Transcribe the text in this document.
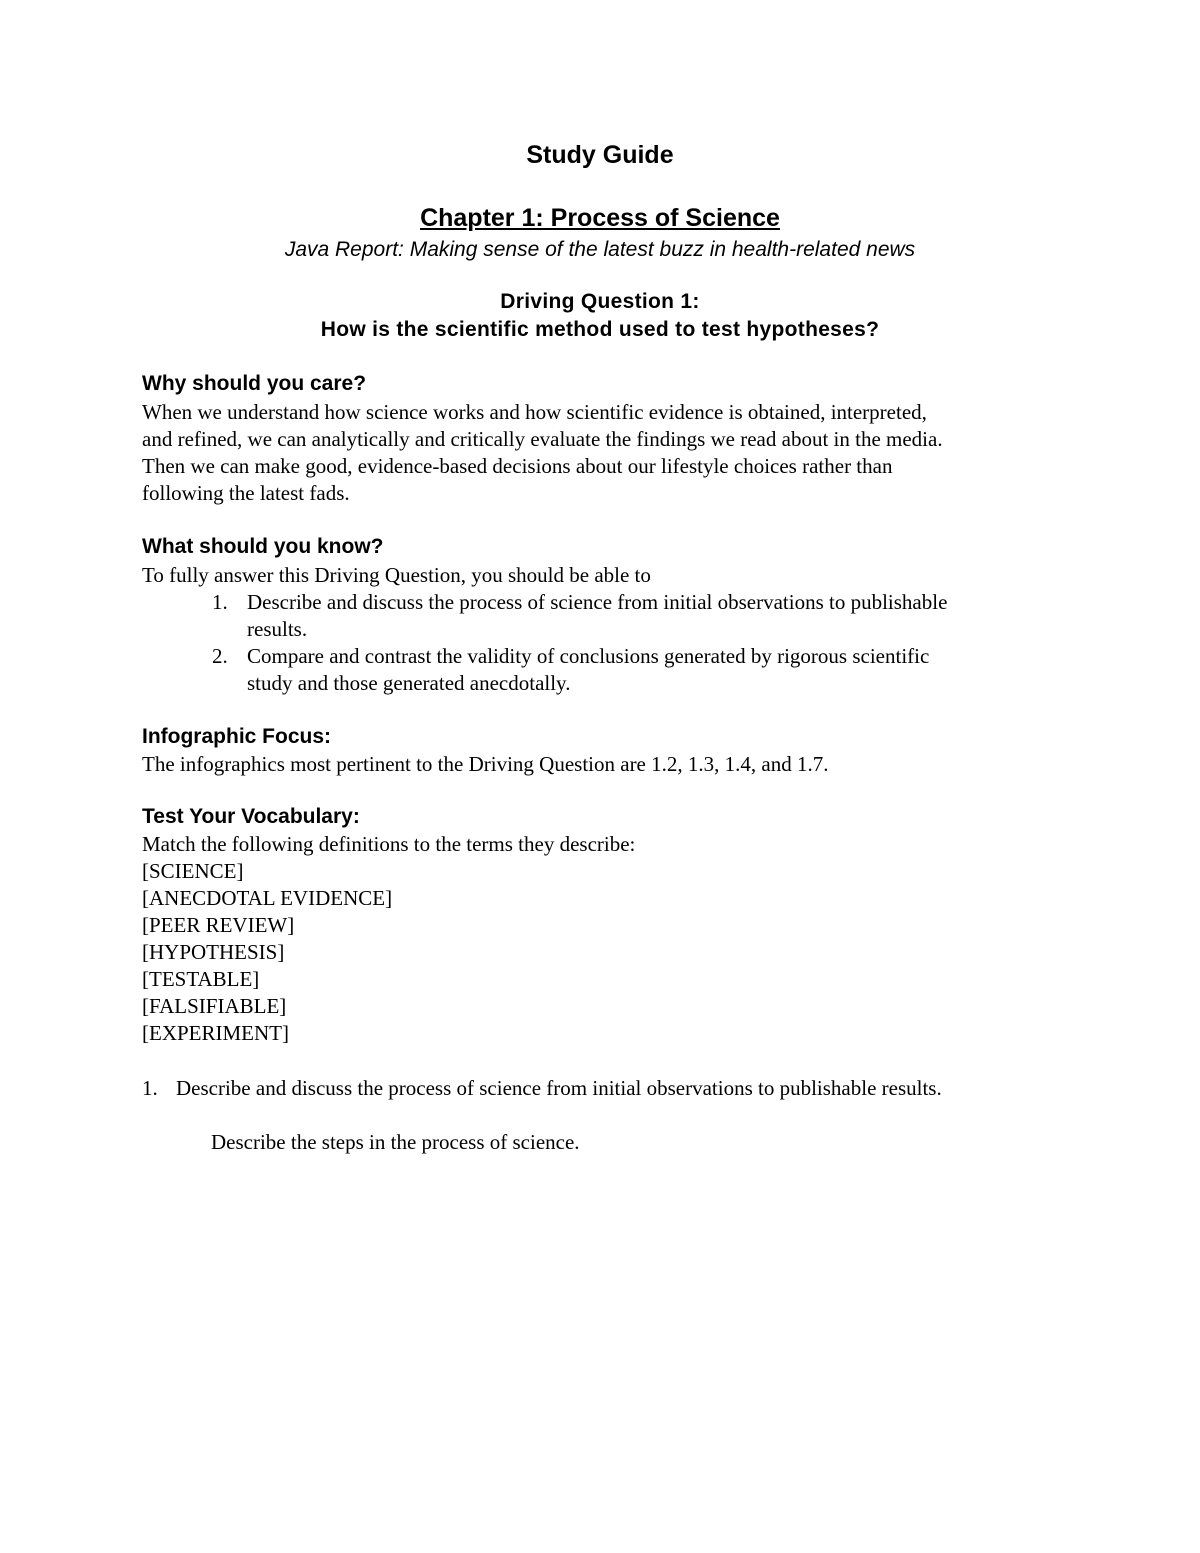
Study Guide
Chapter 1: Process of Science
Java Report: Making sense of the latest buzz in health-related news
Driving Question 1:
How is the scientific method used to test hypotheses?
Why should you care?
When we understand how science works and how scientific evidence is obtained, interpreted,
and refined, we can analytically and critically evaluate the findings we read about in the media.
Then we can make good, evidence-based decisions about our lifestyle choices rather than
following the latest fads.
What should you know?
To fully answer this Driving Question, you should be able to
1. Describe and discuss the process of science from initial observations to publishable
results.
2. Compare and contrast the validity of conclusions generated by rigorous scientific
study and those generated anecdotally.
Infographic Focus:
The infographics most pertinent to the Driving Question are 1.2, 1.3, 1.4, and 1.7.
Test Your Vocabulary:
Match the following definitions to the terms they describe:
[SCIENCE]
[ANECDOTAL EVIDENCE]
[PEER REVIEW]
[HYPOTHESIS]
[TESTABLE]
[FALSIFIABLE]
[EXPERIMENT]
1. Describe and discuss the process of science from initial observations to publishable results.
Describe the steps in the process of science.
